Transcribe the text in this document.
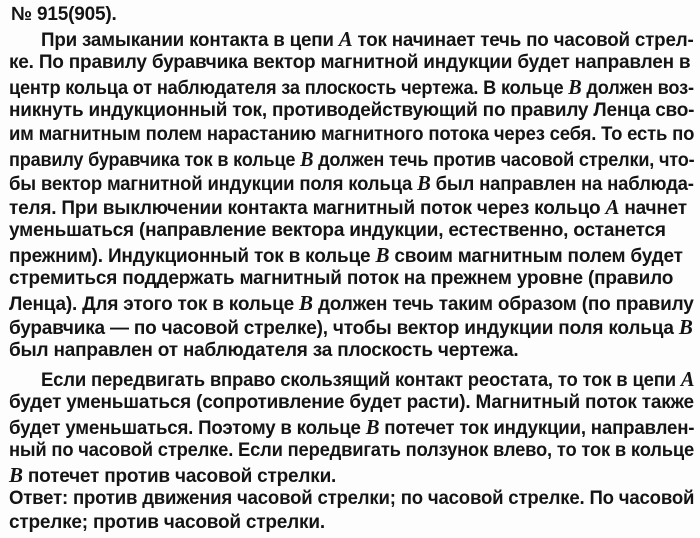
№ 915(905).
При замыкании контакта в цепи A ток начинает течь по часовой стрел-
ке. По правилу буравчика вектор магнитной индукции будет направлен в
центр кольца от наблюдателя за плоскость чертежа. В кольце B должен воз-
никнуть индукционный ток, противодействующий по правилу Ленца сво-
им магнитным полем нарастанию магнитного потока через себя. То есть по
правилу буравчика ток в кольце B должен течь против часовой стрелки, что-
бы вектор магнитной индукции поля кольца B был направлен на наблюда-
теля. При выключении контакта магнитный поток через кольцо A начнет
уменьшаться (направление вектора индукции, естественно, останется
прежним). Индукционный ток в кольце B своим магнитным полем будет
стремиться поддержать магнитный поток на прежнем уровне (правило
Ленца). Для этого ток в кольце B должен течь таким образом (по правилу
буравчика — по часовой стрелке), чтобы вектор индукции поля кольца B
был направлен от наблюдателя за плоскость чертежа.
Если передвигать вправо скользящий контакт реостата, то ток в цепи A
будет уменьшаться (сопротивление будет расти). Магнитный поток также
будет уменьшаться. Поэтому в кольце B потечет ток индукции, направлен-
ный по часовой стрелке. Если передвигать ползунок влево, то ток в кольце
B потечет против часовой стрелки.
Ответ: против движения часовой стрелки; по часовой стрелке. По часовой
стрелке; против часовой стрелки.
